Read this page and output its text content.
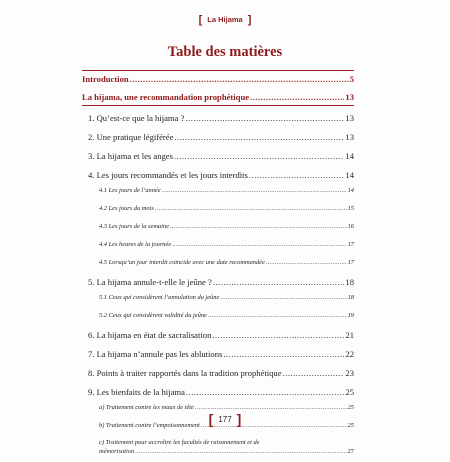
[ La Hijama ]
Table des matières
Introduction .....	5
La hijama, une recommandation prophétique .....	13
1. Qu’est-ce que la hijama ? .....	13
2. Une pratique légiférée .....	13
3. La hijama et les anges .....	14
4. Les jours recommandés et les jours interdits .....	14
4.1 Les jours de l’année .....	14
4.2 Les jours du mois .....	15
4.3 Les jours de la semaine .....	16
4.4 Les heures de la journée .....	17
4.5 Lorsqu’un jour interdit coïncide avec une date recommandée .....	17
5. La hijama annule-t-elle le jeûne ? .....	18
5.1 Ceux qui considèrent l’annulation du jeûne .....	18
5.2 Ceux qui considèrent validité du jeûne .....	19
6. La hijama en état de sacralisation .....	21
7. La hijama n’annule pas les ablutions .....	22
8. Points à traiter rapportés dans la tradition prophétique .....	23
9. Les bienfaits de la hijama .....	25
a) Traitement contre les maux de tête .....	25
b) Traitement contre l’empoisonnement .....	25
c) Traitement pour accroître les facultés de raisonnement et de
mémorisation .....	27
[ 177 ]
